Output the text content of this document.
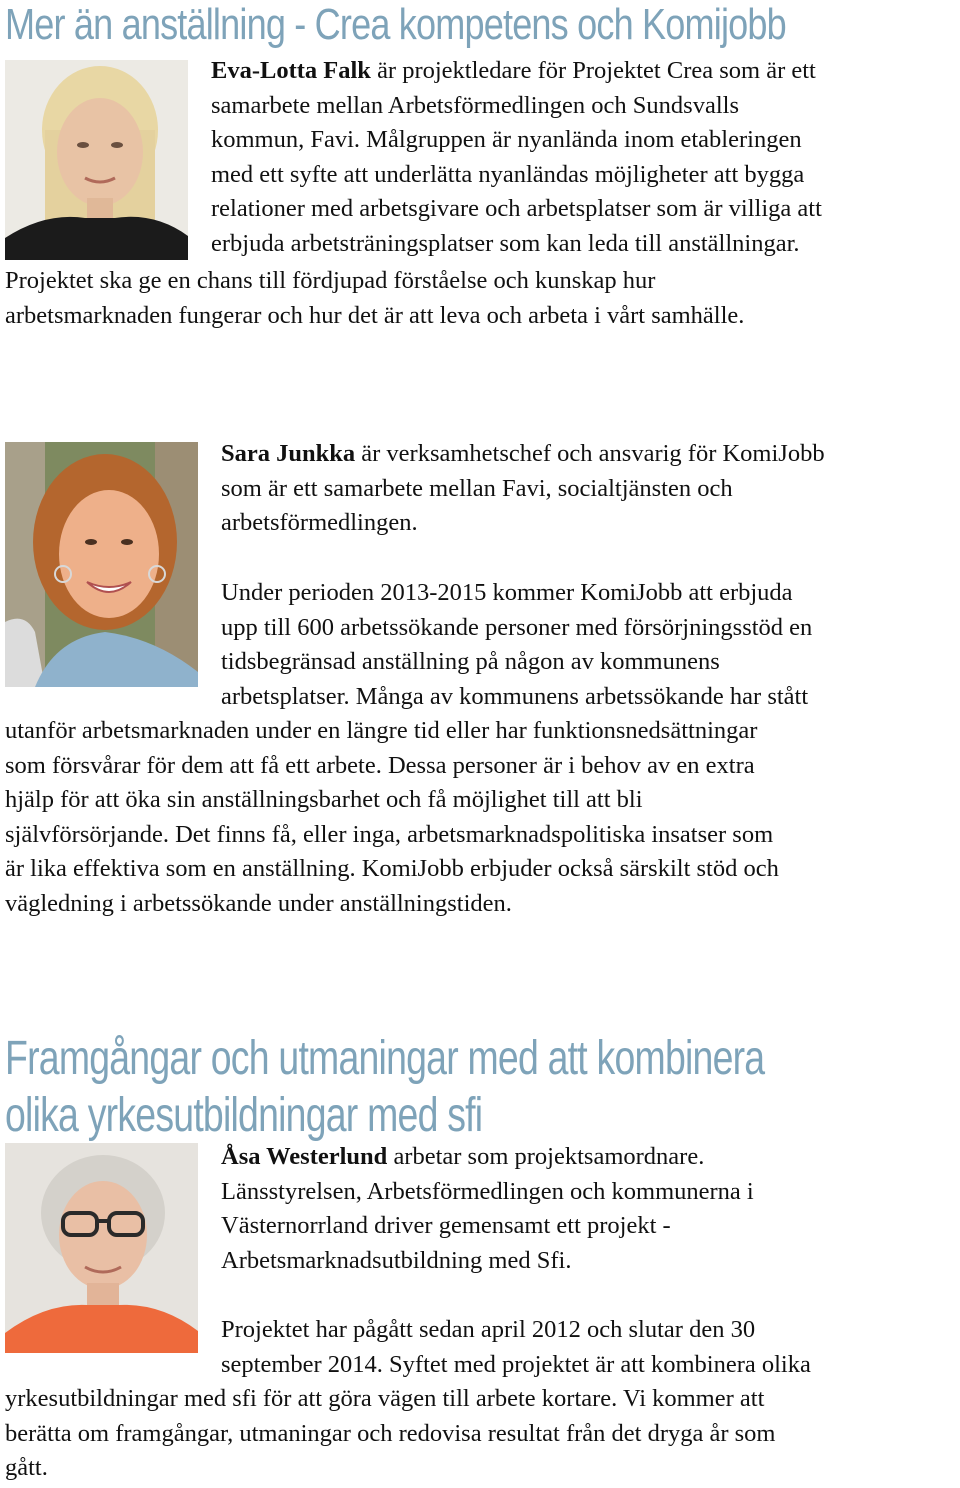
Mer än anställning - Crea kompetens och Komijobb
Eva-Lotta Falk är projektledare för Projektet Crea som är ett
samarbete mellan Arbetsförmedlingen och Sundsvalls
kommun, Favi. Målgruppen är nyanlända inom etableringen
med ett syfte att underlätta nyanländas möjligheter att bygga
relationer med arbetsgivare och arbetsplatser som är villiga att
erbjuda arbetsträningsplatser som kan leda till anställningar.
Projektet ska ge en chans till fördjupad förståelse och kunskap hur
arbetsmarknaden fungerar och hur det är att leva och arbeta i vårt samhälle.
Sara Junkka är verksamhetschef och ansvarig för KomiJobb
som är ett samarbete mellan Favi, socialtjänsten och
arbetsförmedlingen.
Under perioden 2013-2015 kommer KomiJobb att erbjuda
upp till 600 arbetssökande personer med försörjningsstöd en
tidsbegränsad anställning på någon av kommunens
arbetsplatser. Många av kommunens arbetssökande har stått
utanför arbetsmarknaden under en längre tid eller har funktionsnedsättningar
som försvårar för dem att få ett arbete. Dessa personer är i behov av en extra
hjälp för att öka sin anställningsbarhet och få möjlighet till att bli
självförsörjande. Det finns få, eller inga, arbetsmarknadspolitiska insatser som
är lika effektiva som en anställning. KomiJobb erbjuder också särskilt stöd och
vägledning i arbetssökande under anställningstiden.
Framgångar och utmaningar med att kombinera
olika yrkesutbildningar med sfi
Åsa Westerlund arbetar som projektsamordnare.
Länsstyrelsen, Arbetsförmedlingen och kommunerna i
Västernorrland driver gemensamt ett projekt -
Arbetsmarknadsutbildning med Sfi.
Projektet har pågått sedan april 2012 och slutar den 30
september 2014. Syftet med projektet är att kombinera olika
yrkesutbildningar med sfi för att göra vägen till arbete kortare. Vi kommer att
berätta om framgångar, utmaningar och redovisa resultat från det dryga år som
gått.
